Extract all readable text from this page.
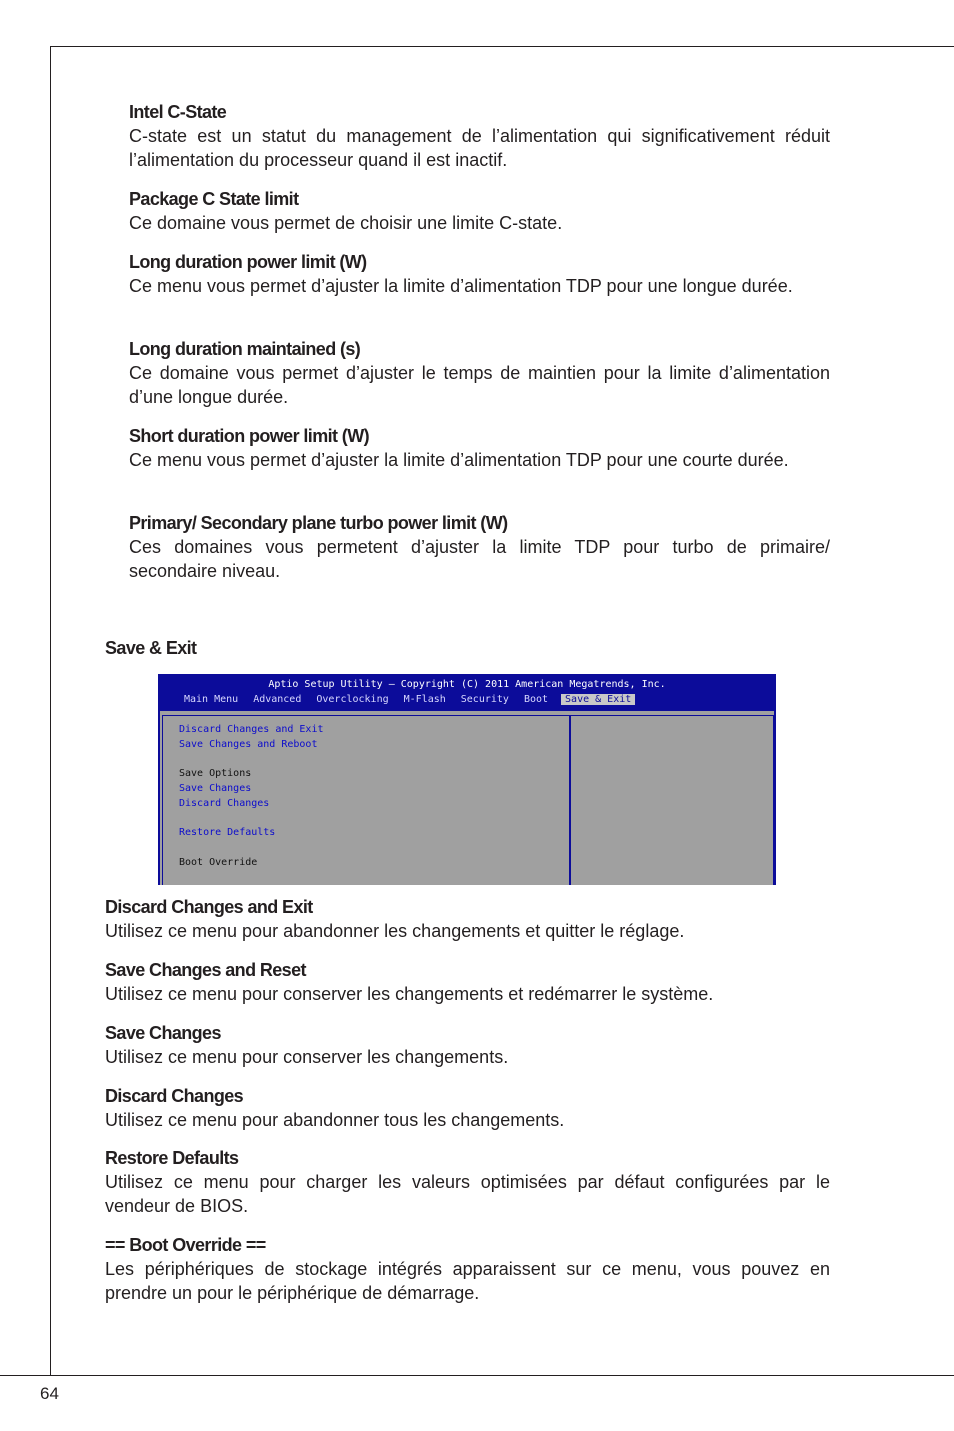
Intel C-State
C-state est un statut du management de l’alimentation qui significativement réduit l’alimentation du processeur quand il est inactif.
Package C State limit
Ce domaine vous permet de choisir une limite C-state.
Long duration power limit (W)
Ce menu vous permet d’ajuster la limite d’alimentation TDP pour une longue durée.
Long duration maintained (s)
Ce domaine vous permet d’ajuster le temps de maintien pour la limite d’alimentation d’une longue durée.
Short duration power limit (W)
Ce menu vous permet d’ajuster la limite d’alimentation TDP pour une courte durée.
Primary/ Secondary plane turbo power limit (W)
Ces domaines vous permetent d’ajuster la limite TDP pour turbo de primaire/ secondaire niveau.
Save & Exit
Aptio Setup Utility – Copyright (C) 2011 American Megatrends, Inc.
Main Menu Advanced Overclocking M-Flash Security Boot	Save & Exit
Discard Changes and Exit
Save Changes and Reboot
Save Options
Save Changes
Discard Changes
Restore Defaults
Boot Override
Discard Changes and Exit
Utilisez ce menu pour abandonner les changements et quitter le réglage.
Save Changes and Reset
Utilisez ce menu pour conserver les changements et redémarrer le système.
Save Changes
Utilisez ce menu pour conserver les changements.
Discard Changes
Utilisez ce menu pour abandonner tous les changements.
Restore Defaults
Utilisez ce menu pour charger les valeurs optimisées par défaut configurées par le vendeur de BIOS.
== Boot Override ==
Les périphériques de stockage intégrés apparaissent sur ce menu, vous pouvez en prendre un pour le périphérique de démarrage.
64
